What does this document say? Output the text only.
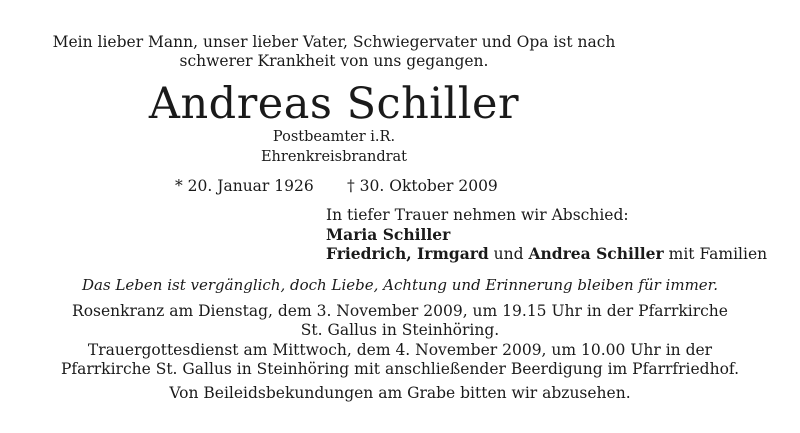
Mein lieber Mann, unser lieber Vater, Schwiegervater und Opa ist nach
schwerer Krankheit von uns gegangen.
Andreas Schiller
Postbeamter i.R.
Ehrenkreisbrandrat
* 20. Januar 1926 † 30. Oktober 2009
In tiefer Trauer nehmen wir Abschied:
Maria Schiller
Friedrich, Irmgard und Andrea Schiller mit Familien
Das Leben ist vergänglich, doch Liebe, Achtung und Erinnerung bleiben für immer.
Rosenkranz am Dienstag, dem 3. November 2009, um 19.15 Uhr in der Pfarrkirche
St. Gallus in Steinhöring.
Trauergottesdienst am Mittwoch, dem 4. November 2009, um 10.00 Uhr in der
Pfarrkirche St. Gallus in Steinhöring mit anschließender Beerdigung im Pfarrfriedhof.
Von Beileidsbekundungen am Grabe bitten wir abzusehen.
